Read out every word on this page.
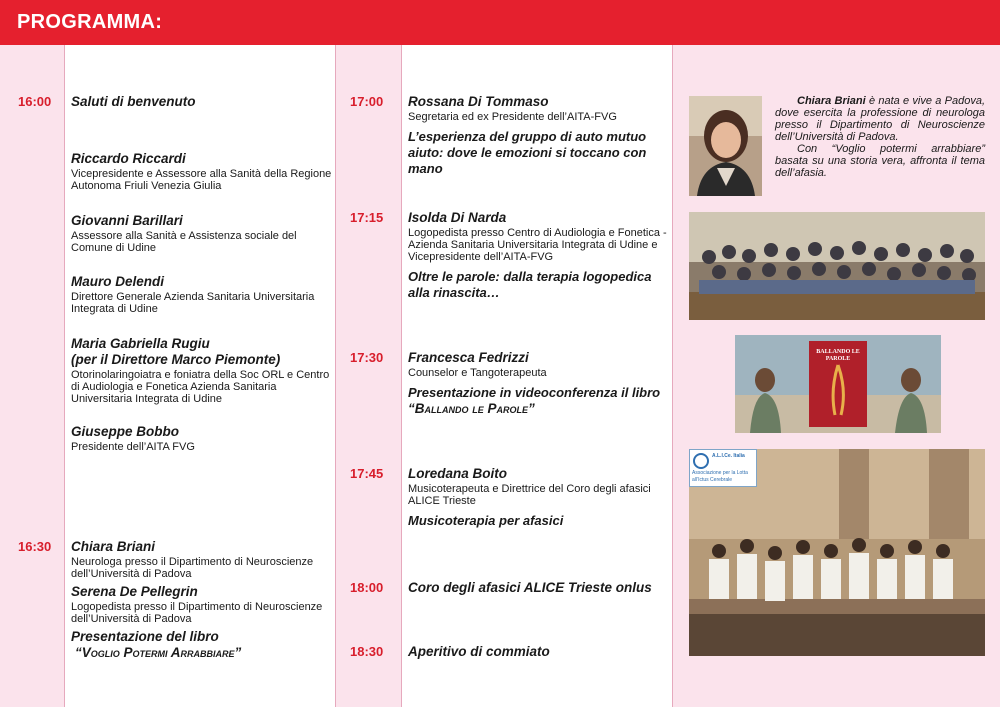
PROGRAMMA:
16:00 Saluti di benvenuto
Riccardo Riccardi
Vicepresidente e Assessore alla Sanità della Regione Autonoma Friuli Venezia Giulia
Giovanni Barillari
Assessore alla Sanità e Assistenza sociale del Comune di Udine
Mauro Delendi
Direttore Generale Azienda Sanitaria Universitaria Integrata di Udine
Maria Gabriella Rugiu
(per il Direttore Marco Piemonte)
Otorinolaringoiatra e foniatra della Soc ORL e Centro di Audiologia e Fonetica Azienda Sanitaria Universitaria Integrata di Udine
Giuseppe Bobbo
Presidente dell’AITA FVG
16:30 Chiara Briani
Neurologa presso il Dipartimento di Neuroscienze dell’Università di Padova
Serena De Pellegrin
Logopedista presso il Dipartimento di Neuroscienze dell’Università di Padova
Presentazione del libro
“Voglio Potermi Arrabbiare”
17:00 Rossana Di Tommaso
Segretaria ed ex Presidente dell’AITA-FVG
L’esperienza del gruppo di auto mutuo aiuto: dove le emozioni si toccano con mano
17:15 Isolda Di Narda
Logopedista presso Centro di Audiologia e Fonetica - Azienda Sanitaria Universitaria Integrata di Udine e Vicepresidente dell’AITA-FVG
Oltre le parole: dalla terapia logopedica alla rinascita…
17:30 Francesca Fedrizzi
Counselor e Tangoterapeuta
Presentazione in videoconferenza il libro
“Ballando le Parole”
17:45 Loredana Boito
Musicoterapeuta e Direttrice del Coro degli afasici ALICE Trieste
Musicoterapia per afasici
18:00 Coro degli afasici ALICE Trieste onlus
18:30 Aperitivo di commiato
Chiara Briani è nata e vive a Padova, dove esercita la professione di neurologa presso il Dipartimento di Neuroscienze dell’Università di Padova.
Con “Voglio potermi arrabbiare” basata su una storia vera, affronta il tema dell’afasia.
BALLANDO LE PAROLE
A.L.I.Ce. Italia
Associazione per la Lotta
all’Ictus Cerebrale
